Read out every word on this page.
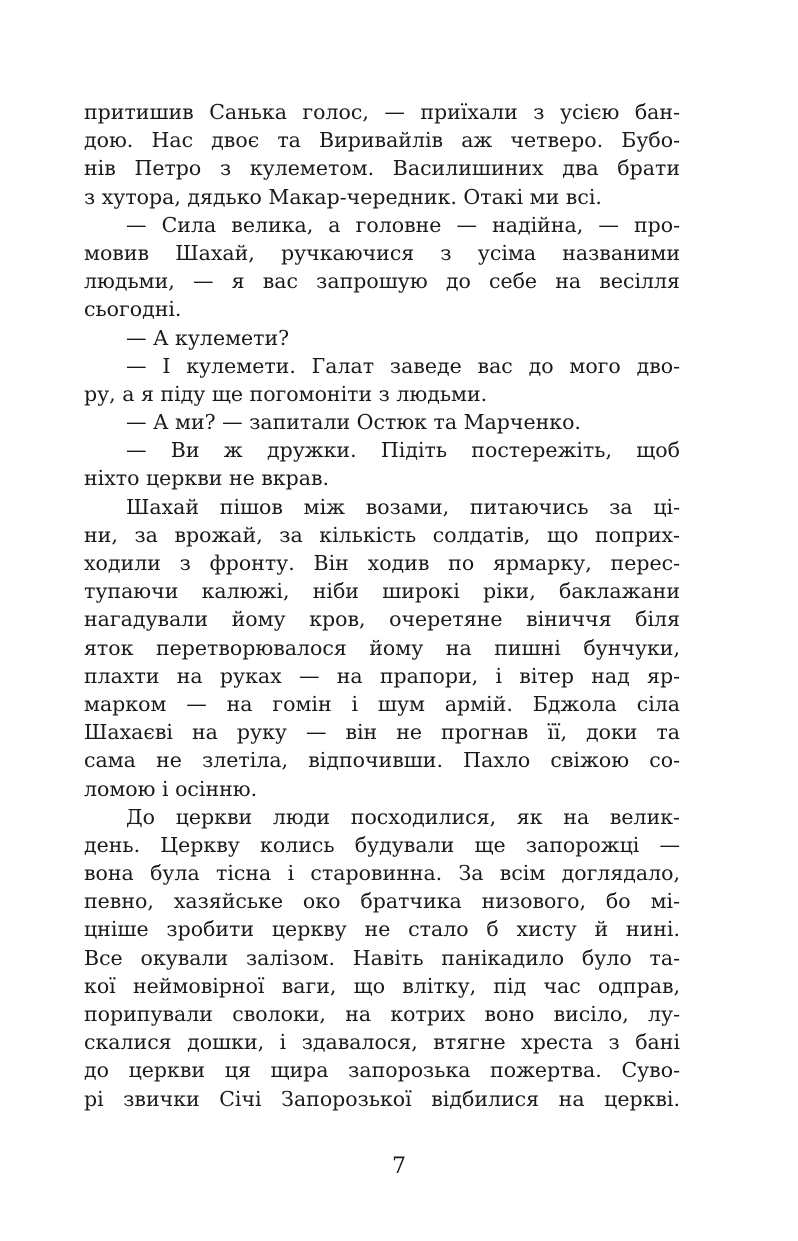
притишив Санька голос, — приїхали з усією бан-
дою. Нас двоє та Виривайлів аж четверо. Бубо-
нів Петро з кулеметом. Василишиних два брати
з хутора, дядько Макар-чередник. Отакі ми всі.
— Сила велика, а головне — надійна, — про-
мовив Шахай, ручкаючися з усіма названими
людьми, — я вас запрошую до себе на весілля
сьогодні.
— А кулемети?
— І кулемети. Галат заведе вас до мого дво-
ру, а я піду ще погомоніти з людьми.
— А ми? — запитали Остюк та Марченко.
— Ви ж дружки. Підіть постережіть, щоб
ніхто церкви не вкрав.
Шахай пішов між возами, питаючись за ці-
ни, за врожай, за кількість солдатів, що поприх-
ходили з фронту. Він ходив по ярмарку, перес-
тупаючи калюжі, ніби широкі ріки, баклажани
нагадували йому кров, очеретяне віниччя біля
яток перетворювалося йому на пишні бунчуки,
плахти на руках — на прапори, і вітер над яр-
марком — на гомін і шум армій. Бджола сіла
Шахаєві на руку — він не прогнав її, доки та
сама не злетіла, відпочивши. Пахло свіжою со-
ломою і осінню.
До церкви люди посходилися, як на велик-
день. Церкву колись будували ще запорожці —
вона була тісна і старовинна. За всім доглядало,
певно, хазяйське око братчика низового, бо мі-
цніше зробити церкву не стало б хисту й нині.
Все окували залізом. Навіть панікадило було та-
кої неймовірної ваги, що влітку, під час одправ,
порипували сволоки, на котрих воно висіло, лу-
скалися дошки, і здавалося, втягне хреста з бані
до церкви ця щира запорозька пожертва. Суво-
рі звички Січі Запорозької відбилися на церкві.
7
